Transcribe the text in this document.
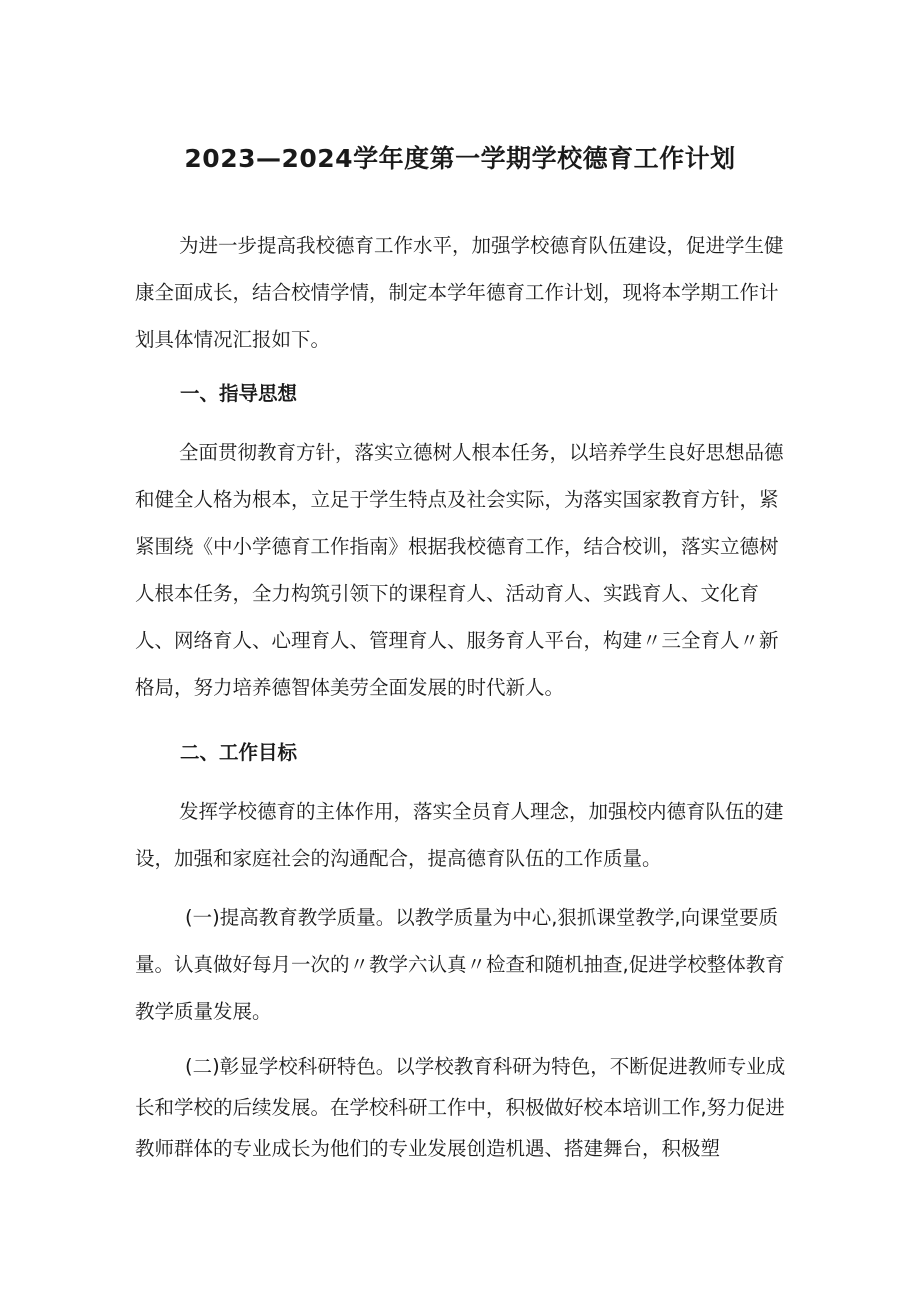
2023—2024学年度第一学期学校德育工作计划

为进一步提高我校德育工作水平，加强学校德育队伍建设，促进学生健康全面成长，结合校情学情，制定本学年德育工作计划，现将本学期工作计划具体情况汇报如下。

一、指导思想

全面贯彻教育方针，落实立德树人根本任务，以培养学生良好思想品德和健全人格为根本，立足于学生特点及社会实际，为落实国家教育方针，紧紧围绕《中小学德育工作指南》根据我校德育工作，结合校训，落实立德树人根本任务，全力构筑引领下的课程育人、活动育人、实践育人、文化育人、网络育人、心理育人、管理育人、服务育人平台，构建〃三全育人〃新格局，努力培养德智体美劳全面发展的时代新人。

二、工作目标

发挥学校德育的主体作用，落实全员育人理念，加强校内德育队伍的建设，加强和家庭社会的沟通配合，提高德育队伍的工作质量。

(一)提高教育教学质量。以教学质量为中心,狠抓课堂教学,向课堂要质量。认真做好每月一次的〃教学六认真〃检查和随机抽查,促进学校整体教育教学质量发展。

(二)彰显学校科研特色。以学校教育科研为特色，不断促进教师专业成长和学校的后续发展。在学校科研工作中，积极做好校本培训工作,努力促进教师群体的专业成长为他们的专业发展创造机遇、搭建舞台，积极塑
